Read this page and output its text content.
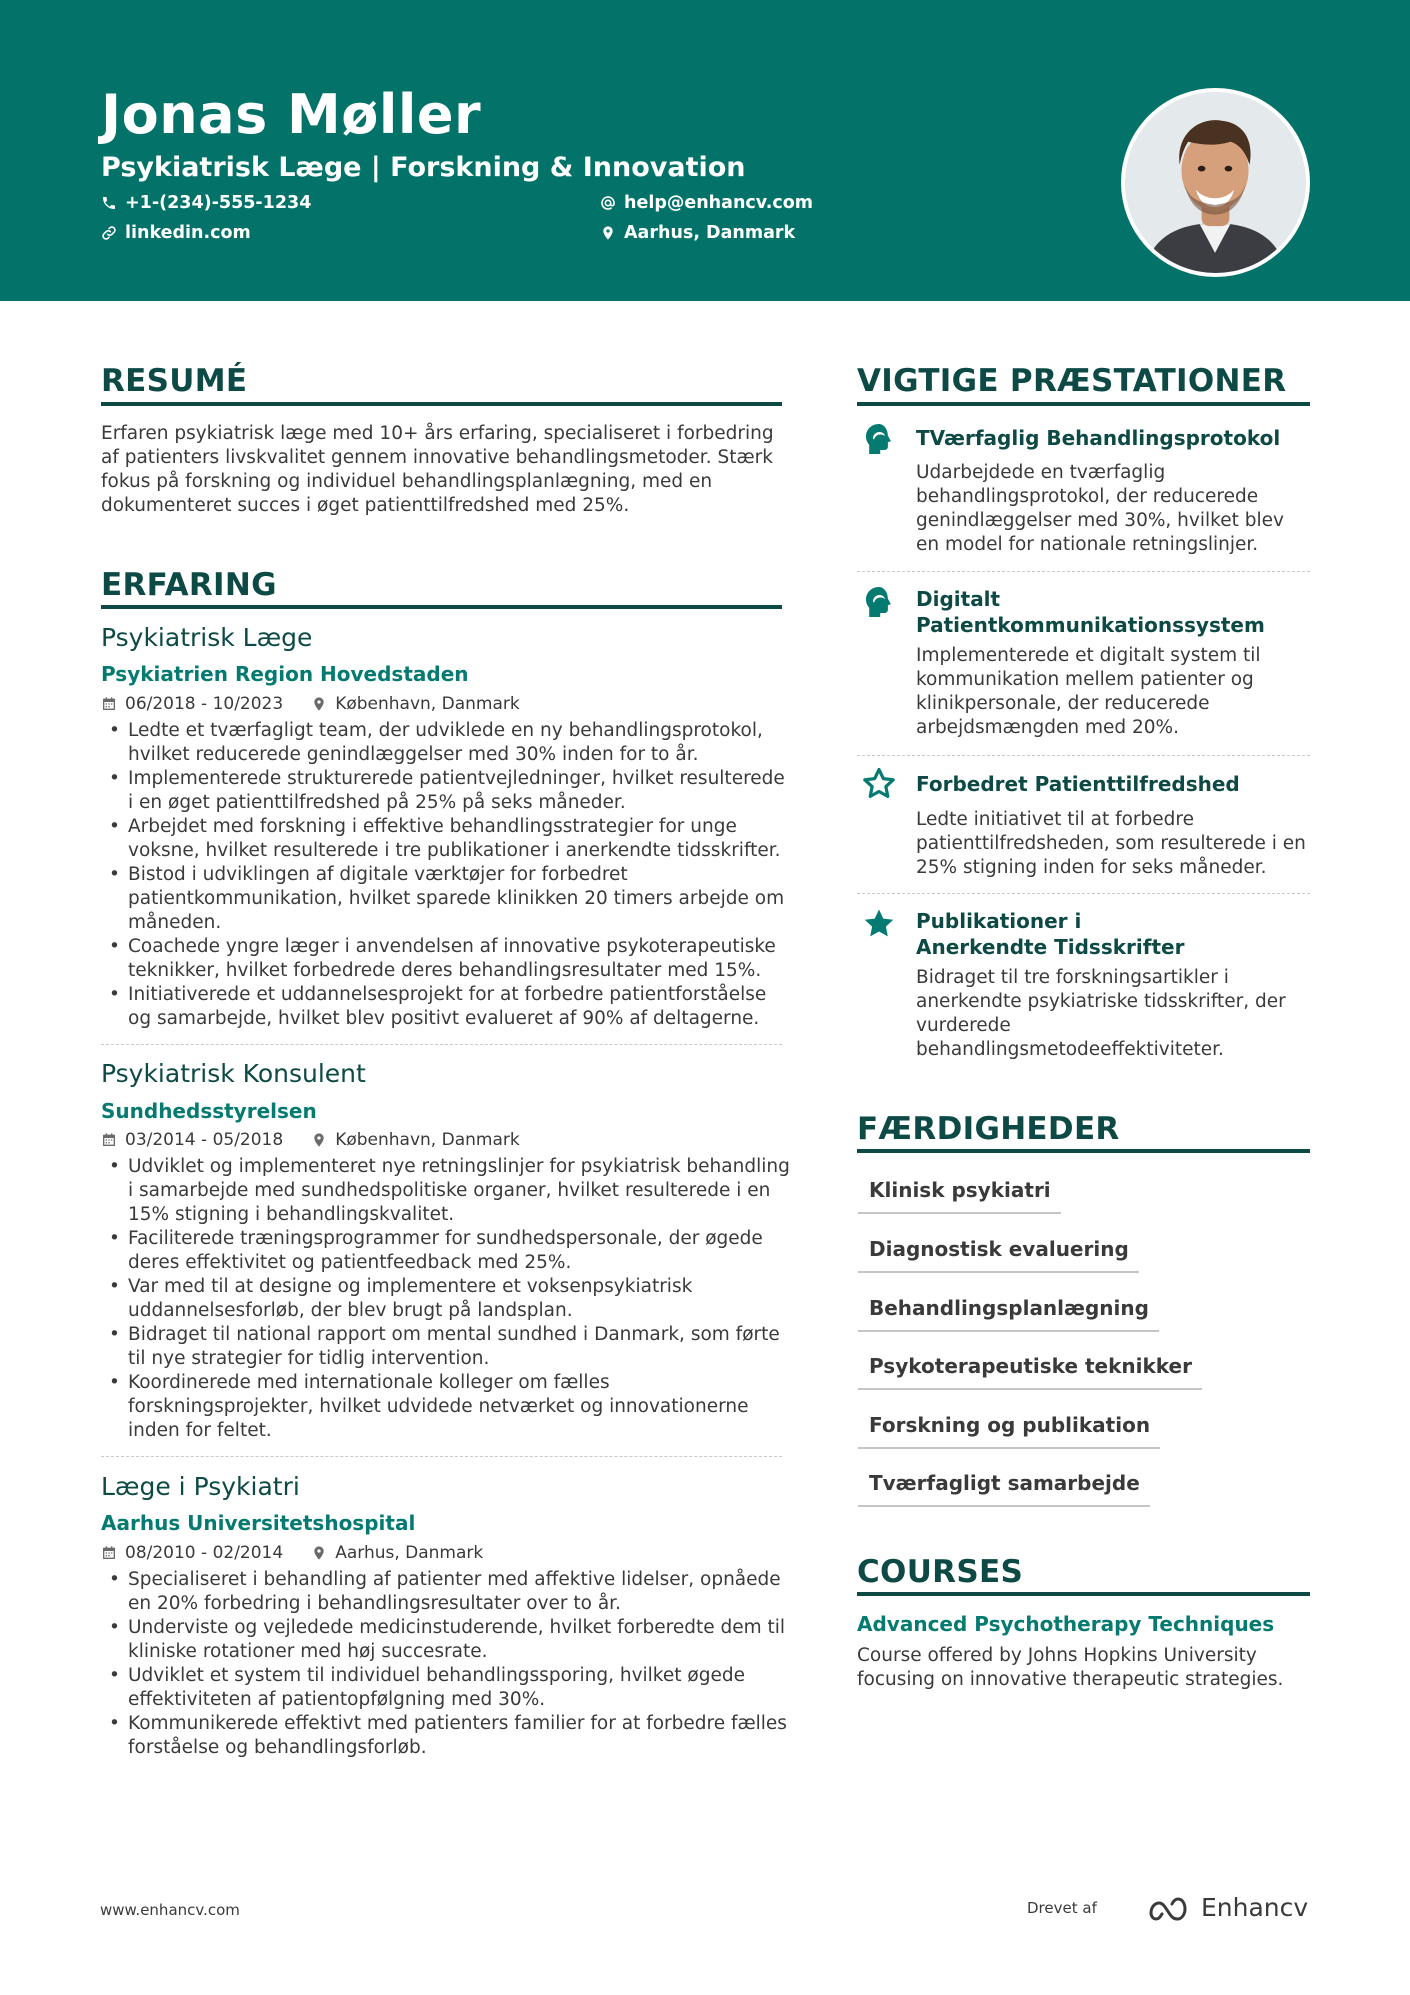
Jonas Møller
Psykiatrisk Læge | Forskning & Innovation
+1-(234)-555-1234	help@enhancv.com
linkedin.com	Aarhus, Danmark
RESUMÉ
Erfaren psykiatrisk læge med 10+ års erfaring, specialiseret i forbedring af patienters livskvalitet gennem innovative behandlingsmetoder. Stærk fokus på forskning og individuel behandlingsplanlægning, med en dokumenteret succes i øget patienttilfredshed med 25%.
ERFARING
Psykiatrisk Læge
Psykiatrien Region Hovedstaden
06/2018 - 10/2023	København, Danmark
• Ledte et tværfagligt team, der udviklede en ny behandlingsprotokol, hvilket reducerede genindlæggelser med 30% inden for to år.
• Implementerede strukturerede patientvejledninger, hvilket resulterede i en øget patienttilfredshed på 25% på seks måneder.
• Arbejdet med forskning i effektive behandlingsstrategier for unge voksne, hvilket resulterede i tre publikationer i anerkendte tidsskrifter.
• Bistod i udviklingen af digitale værktøjer for forbedret patientkommunikation, hvilket sparede klinikken 20 timers arbejde om måneden.
• Coachede yngre læger i anvendelsen af innovative psykoterapeutiske teknikker, hvilket forbedrede deres behandlingsresultater med 15%.
• Initiativerede et uddannelsesprojekt for at forbedre patientforståelse og samarbejde, hvilket blev positivt evalueret af 90% af deltagerne.
Psykiatrisk Konsulent
Sundhedsstyrelsen
03/2014 - 05/2018	København, Danmark
• Udviklet og implementeret nye retningslinjer for psykiatrisk behandling i samarbejde med sundhedspolitiske organer, hvilket resulterede i en 15% stigning i behandlingskvalitet.
• Faciliterede træningsprogrammer for sundhedspersonale, der øgede deres effektivitet og patientfeedback med 25%.
• Var med til at designe og implementere et voksenpsykiatrisk uddannelsesforløb, der blev brugt på landsplan.
• Bidraget til national rapport om mental sundhed i Danmark, som førte til nye strategier for tidlig intervention.
• Koordinerede med internationale kolleger om fælles forskningsprojekter, hvilket udvidede netværket og innovationerne inden for feltet.
Læge i Psykiatri
Aarhus Universitetshospital
08/2010 - 02/2014	Aarhus, Danmark
• Specialiseret i behandling af patienter med affektive lidelser, opnåede en 20% forbedring i behandlingsresultater over to år.
• Underviste og vejledede medicinstuderende, hvilket forberedte dem til kliniske rotationer med høj succesrate.
• Udviklet et system til individuel behandlingssporing, hvilket øgede effektiviteten af patientopfølgning med 30%.
• Kommunikerede effektivt med patienters familier for at forbedre fælles forståelse og behandlingsforløb.
VIGTIGE PRÆSTATIONER
TVærfaglig Behandlingsprotokol
Udarbejdede en tværfaglig behandlingsprotokol, der reducerede genindlæggelser med 30%, hvilket blev en model for nationale retningslinjer.
Digitalt Patientkommunikationssystem
Implementerede et digitalt system til kommunikation mellem patienter og klinikpersonale, der reducerede arbejdsmængden med 20%.
Forbedret Patienttilfredshed
Ledte initiativet til at forbedre patienttilfredsheden, som resulterede i en 25% stigning inden for seks måneder.
Publikationer i Anerkendte Tidsskrifter
Bidraget til tre forskningsartikler i anerkendte psykiatriske tidsskrifter, der vurderede behandlingsmetodeeffektiviteter.
FÆRDIGHEDER
Klinisk psykiatri
Diagnostisk evaluering
Behandlingsplanlægning
Psykoterapeutiske teknikker
Forskning og publikation
Tværfagligt samarbejde
COURSES
Advanced Psychotherapy Techniques
Course offered by Johns Hopkins University focusing on innovative therapeutic strategies.
www.enhancv.com	Drevet af	Enhancv
